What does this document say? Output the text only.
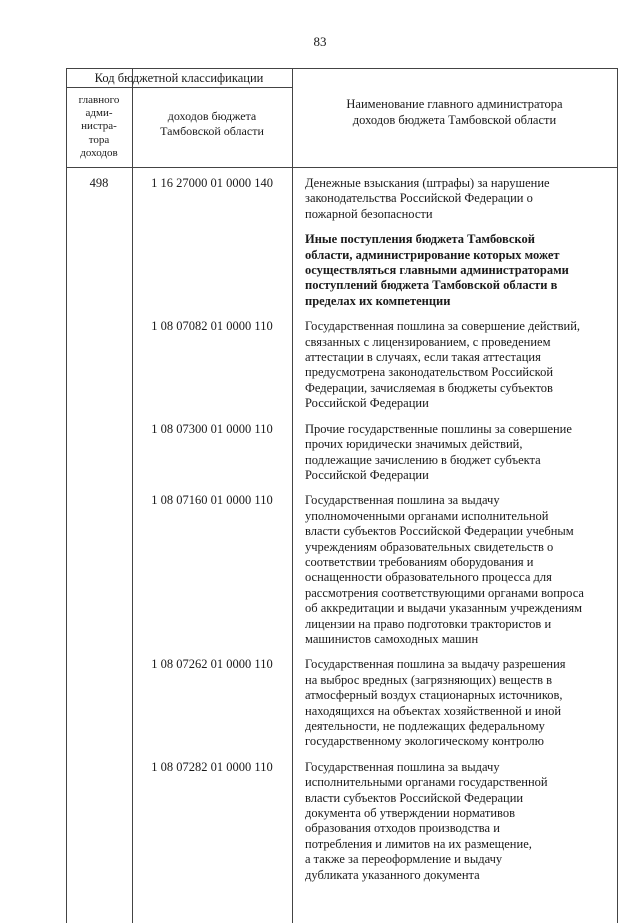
83
Код бюджетной классификации
главного
адми-
нистра-
тора
доходов
доходов бюджета
Тамбовской области
Наименование главного администратора
доходов бюджета Тамбовской области
498	1 16 27000 01 0000 140	Денежные взыскания (штрафы) за нарушение
законодательства Российской Федерации о
пожарной безопасности
Иные поступления бюджета Тамбовской
области, администрирование которых может
осуществляться главными администраторами
поступлений бюджета Тамбовской области в
пределах их компетенции
1 08 07082 01 0000 110	Государственная пошлина за совершение действий,
связанных с лицензированием, с проведением
аттестации в случаях, если такая аттестация
предусмотрена законодательством Российской
Федерации, зачисляемая в бюджеты субъектов
Российской Федерации
1 08 07300 01 0000 110	Прочие государственные пошлины за совершение
прочих юридически значимых действий,
подлежащие зачислению в бюджет субъекта
Российской Федерации
1 08 07160 01 0000 110	Государственная пошлина за выдачу
уполномоченными органами исполнительной
власти субъектов Российской Федерации учебным
учреждениям образовательных свидетельств о
соответствии требованиям оборудования и
оснащенности образовательного процесса для
рассмотрения соответствующими органами вопроса
об аккредитации и выдачи указанным учреждениям
лицензии на право подготовки трактористов и
машинистов самоходных машин
1 08 07262 01 0000 110	Государственная пошлина за выдачу разрешения
на выброс вредных (загрязняющих) веществ в
атмосферный воздух стационарных источников,
находящихся на объектах хозяйственной и иной
деятельности, не подлежащих федеральному
государственному экологическому контролю
1 08 07282 01 0000 110	Государственная пошлина за выдачу
исполнительными органами государственной
власти субъектов Российской Федерации
документа об утверждении нормативов
образования отходов производства и
потребления и лимитов на их размещение,
а также за переоформление и выдачу
дубликата указанного документа
